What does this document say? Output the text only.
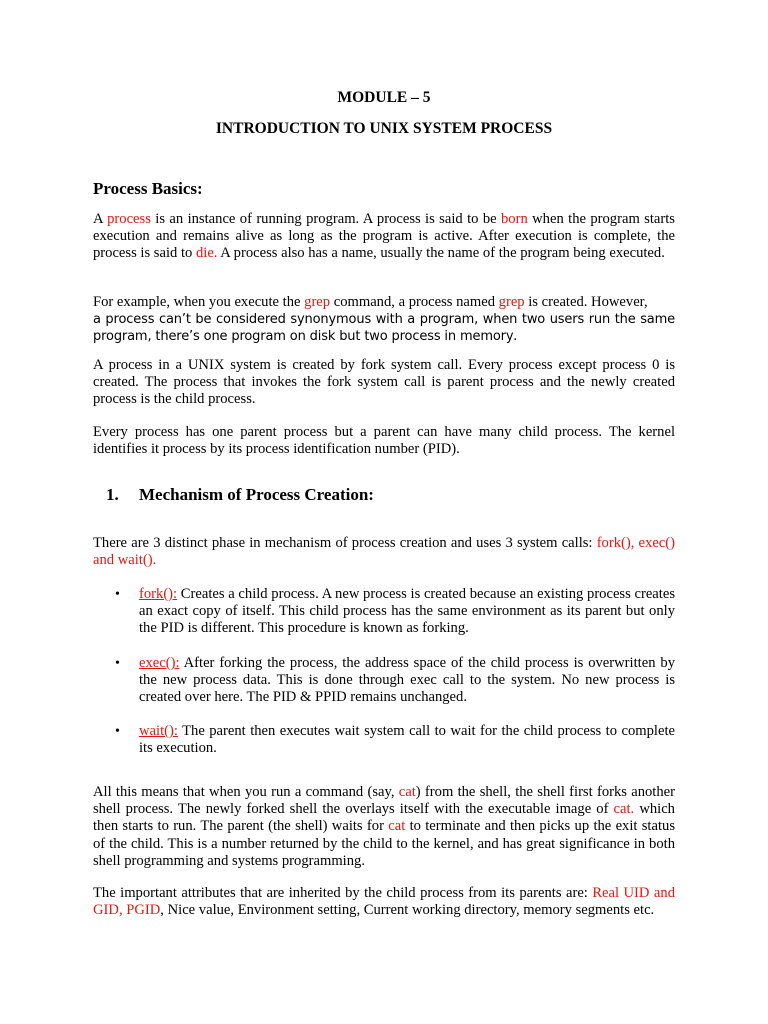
MODULE – 5
INTRODUCTION TO UNIX SYSTEM PROCESS
Process Basics:

A process is an instance of running program. A process is said to be born when the program starts execution and remains alive as long as the program is active. After execution is complete, the process is said to die. A process also has a name, usually the name of the program being executed.

For example, when you execute the grep command, a process named grep is created. However,
a process can’t be considered synonymous with a program, when two users run the same
program, there’s one program on disk but two process in memory.

A process in a UNIX system is created by fork system call. Every process except process 0 is created. The process that invokes the fork system call is parent process and the newly created process is the child process.

Every process has one parent process but a parent can have many child process. The kernel identifies it process by its process identification number (PID).

1. Mechanism of Process Creation:

There are 3 distinct phase in mechanism of process creation and uses 3 system calls: fork(), exec() and wait().

• fork(): Creates a child process. A new process is created because an existing process creates an exact copy of itself. This child process has the same environment as its parent but only the PID is different. This procedure is known as forking.

• exec(): After forking the process, the address space of the child process is overwritten by the new process data. This is done through exec call to the system. No new process is created over here. The PID & PPID remains unchanged.

• wait(): The parent then executes wait system call to wait for the child process to complete its execution.

All this means that when you run a command (say, cat) from the shell, the shell first forks another shell process. The newly forked shell the overlays itself with the executable image of cat. which then starts to run. The parent (the shell) waits for cat to terminate and then picks up the exit status of the child. This is a number returned by the child to the kernel, and has great significance in both shell programming and systems programming.

The important attributes that are inherited by the child process from its parents are: Real UID and GID, PGID, Nice value, Environment setting, Current working directory, memory segments etc.
